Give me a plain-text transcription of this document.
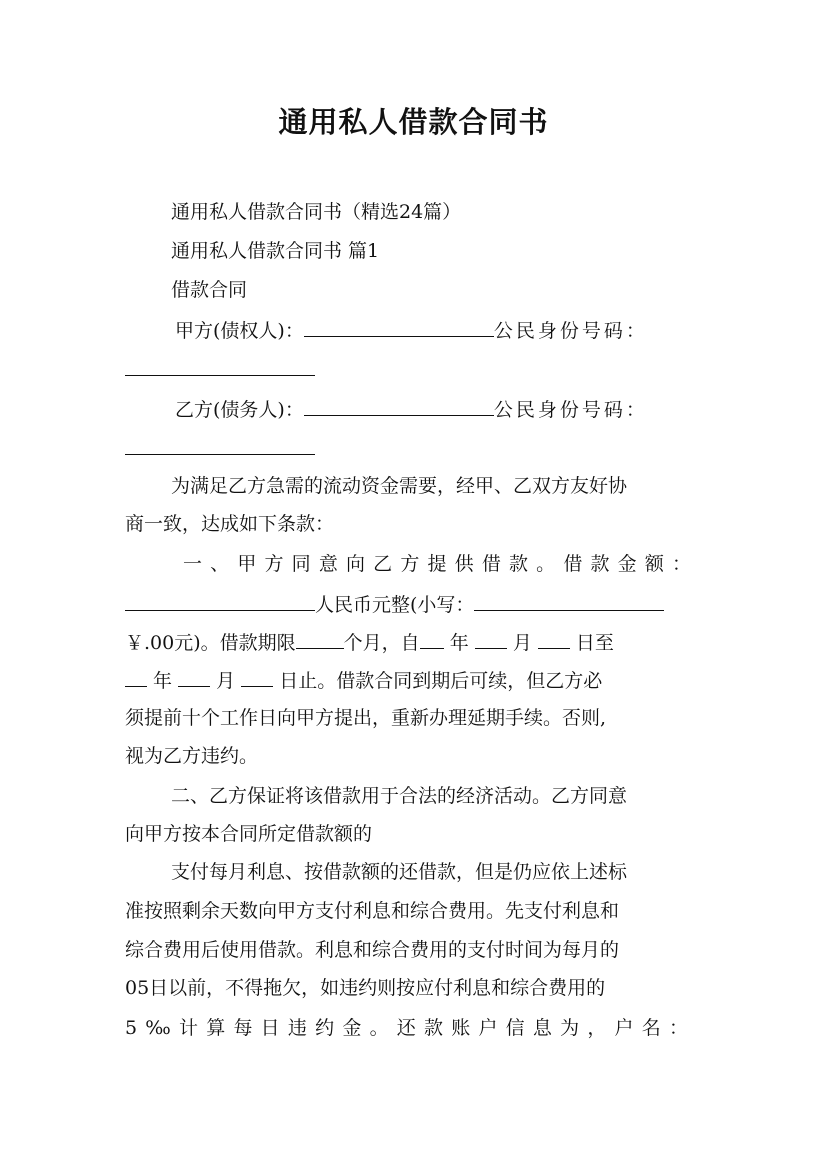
通用私人借款合同书
通用私人借款合同书（精选24篇）
通用私人借款合同书 篇1
借款合同
甲方(债权人)：	公民身份号码：
乙方(债务人)：	公民身份号码：
为满足乙方急需的流动资金需要，经甲、乙双方友好协
商一致，达成如下条款：
一、甲方同意向乙方提供借款。借款金额：
人民币元整(小写：
￥.00元)。借款期限	个月，自 年 月 日至
年 月 日止。借款合同到期后可续，但乙方必
须提前十个工作日向甲方提出，重新办理延期手续。否则,
视为乙方违约。
二、乙方保证将该借款用于合法的经济活动。乙方同意
向甲方按本合同所定借款额的
支付每月利息、按借款额的还借款，但是仍应依上述标
准按照剩余天数向甲方支付利息和综合费用。先支付利息和
综合费用后使用借款。利息和综合费用的支付时间为每月的
05日以前，不得拖欠，如违约则按应付利息和综合费用的
5‰计算每日违约金。还款账户信息为，户名：
